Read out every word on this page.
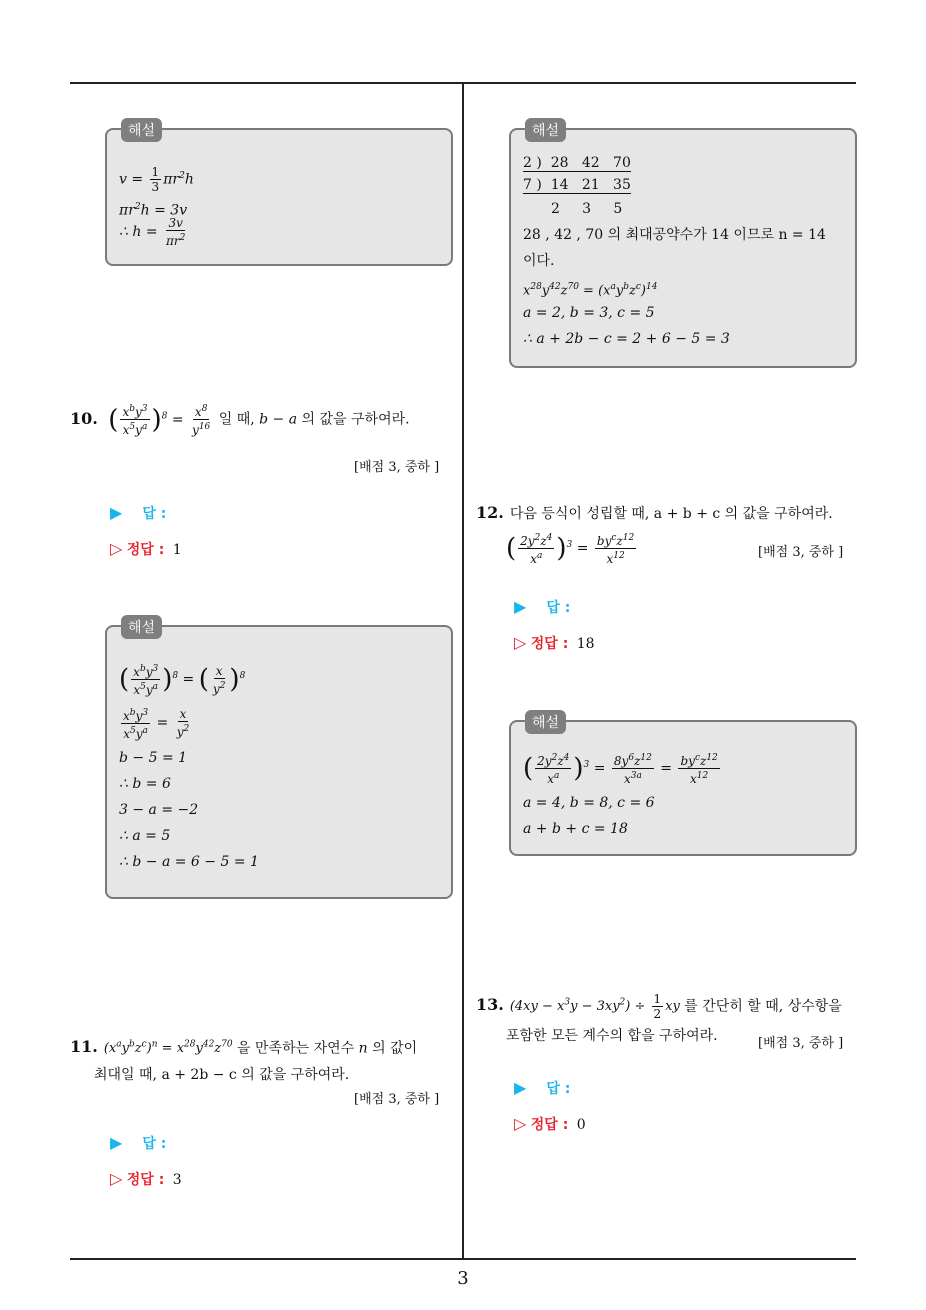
해설
$v = \frac{1}{3} \pi r^2h$
$\pi r^2h = 3v$
∴ $h = \frac{3v}{\pi r^2}$
10. ( $\frac{x^by^3}{x^5y^a} )^8 = \frac{x^8}{y^{16}}$ 일 때, b − a 의 값을 구하여라.
[배점 3, 중하 ]
▶ 답 :
▷ 정답 : 1
해설
( $\frac{x^by^3}{x^5y^a} )^8$ = ( $\frac{x}{y^2} )^8$
$\frac{x^by^3}{x^5y^a} = \frac{x}{y^2}$
b − 5 = 1
∴ b = 6
3 − a = −2
∴ a = 5
∴ b − a = 6 − 5 = 1
11. $(x^ay^bz^c)^n = x^{28}y^{42}z^{70}$ 을 만족하는 자연수 n 의 값이
최대일 때, a + 2b − c 의 값을 구하여라.
[배점 3, 중하 ]
▶ 답 :
▷ 정답 : 3
해설
2 )  28   42   70
7 )  14   21   35
2     3     5
28 , 42 , 70 의 최대공약수가 14 이므로 n = 14
이다.
$x^{28}y^{42}z^{70} = (x^ay^bz^c)^{14}$
a = 2, b = 3, c = 5
∴ a + 2b − c = 2 + 6 − 5 = 3
12. 다음 등식이 성립할 때, a + b + c 의 값을 구하여라.
( $\frac{2y^2z^4}{x^a} )^3 = \frac{by^cz^{12}}{x^{12}}$	[배점 3, 중하 ]
▶ 답 :
▷ 정답 : 18
해설
( $\frac{2y^2z^4}{x^a} )^3 = \frac{8y^6z^{12}}{x^{3a}} = \frac{by^cz^{12}}{x^{12}}$
a = 4, b = 8, c = 6
a + b + c = 18
13. $(4xy - x^3y - 3xy^2) \div \frac{1}{2}$ xy 를 간단히 할 때, 상수항을
포함한 모든 계수의 합을 구하여라.	[배점 3, 중하 ]
▶ 답 :
▷ 정답 : 0
3
